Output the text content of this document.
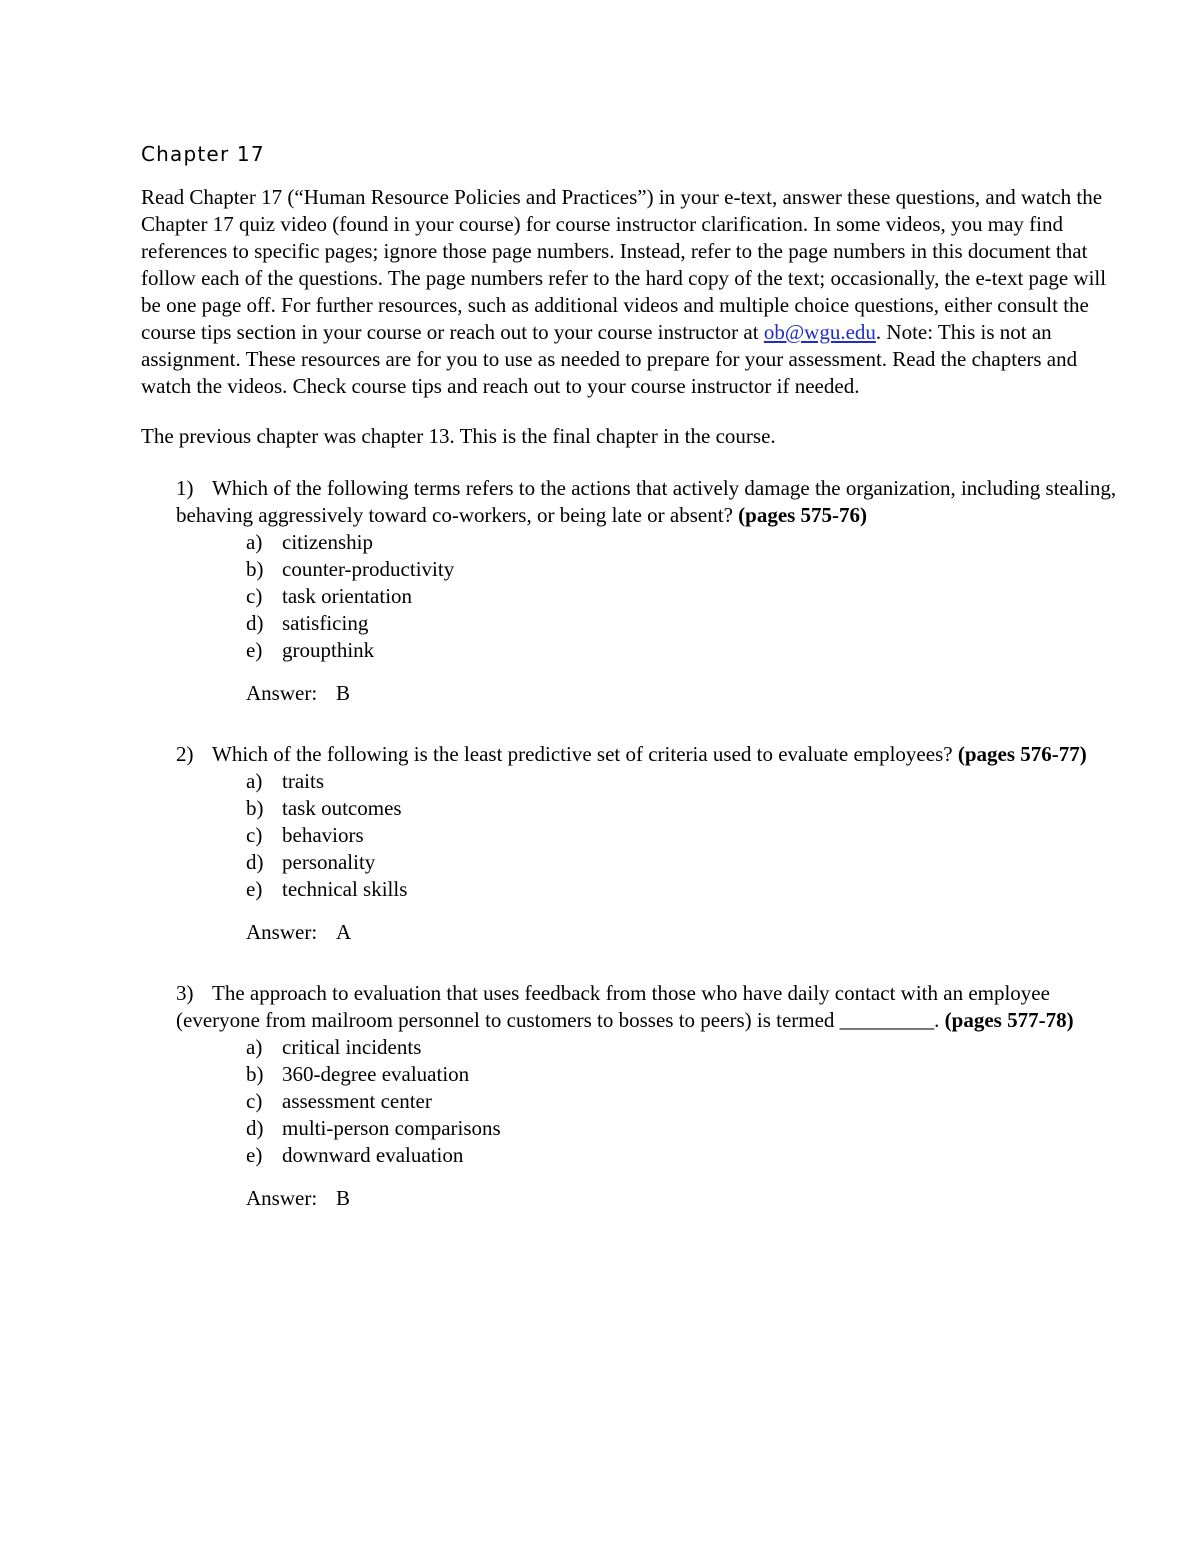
Chapter 17

Read Chapter 17 (“Human Resource Policies and Practices”) in your e-text, answer these questions, and watch the Chapter 17 quiz video (found in your course) for course instructor clarification. In some videos, you may find references to specific pages; ignore those page numbers. Instead, refer to the page numbers in this document that follow each of the questions. The page numbers refer to the hard copy of the text; occasionally, the e-text page will be one page off. For further resources, such as additional videos and multiple choice questions, either consult the course tips section in your course or reach out to your course instructor at ob@wgu.edu. Note: This is not an assignment. These resources are for you to use as needed to prepare for your assessment. Read the chapters and watch the videos. Check course tips and reach out to your course instructor if needed.

The previous chapter was chapter 13. This is the final chapter in the course.

1) Which of the following terms refers to the actions that actively damage the organization, including stealing, behaving aggressively toward co-workers, or being late or absent? (pages 575-76)

a) citizenship
b) counter-productivity
c) task orientation
d) satisficing
e) groupthink

Answer: B

2) Which of the following is the least predictive set of criteria used to evaluate employees? (pages 576-77)

a) traits
b) task outcomes
c) behaviors
d) personality
e) technical skills

Answer: A

3) The approach to evaluation that uses feedback from those who have daily contact with an employee (everyone from mailroom personnel to customers to bosses to peers) is termed _________. (pages 577-78)

a) critical incidents
b) 360-degree evaluation
c) assessment center
d) multi-person comparisons
e) downward evaluation

Answer: B
